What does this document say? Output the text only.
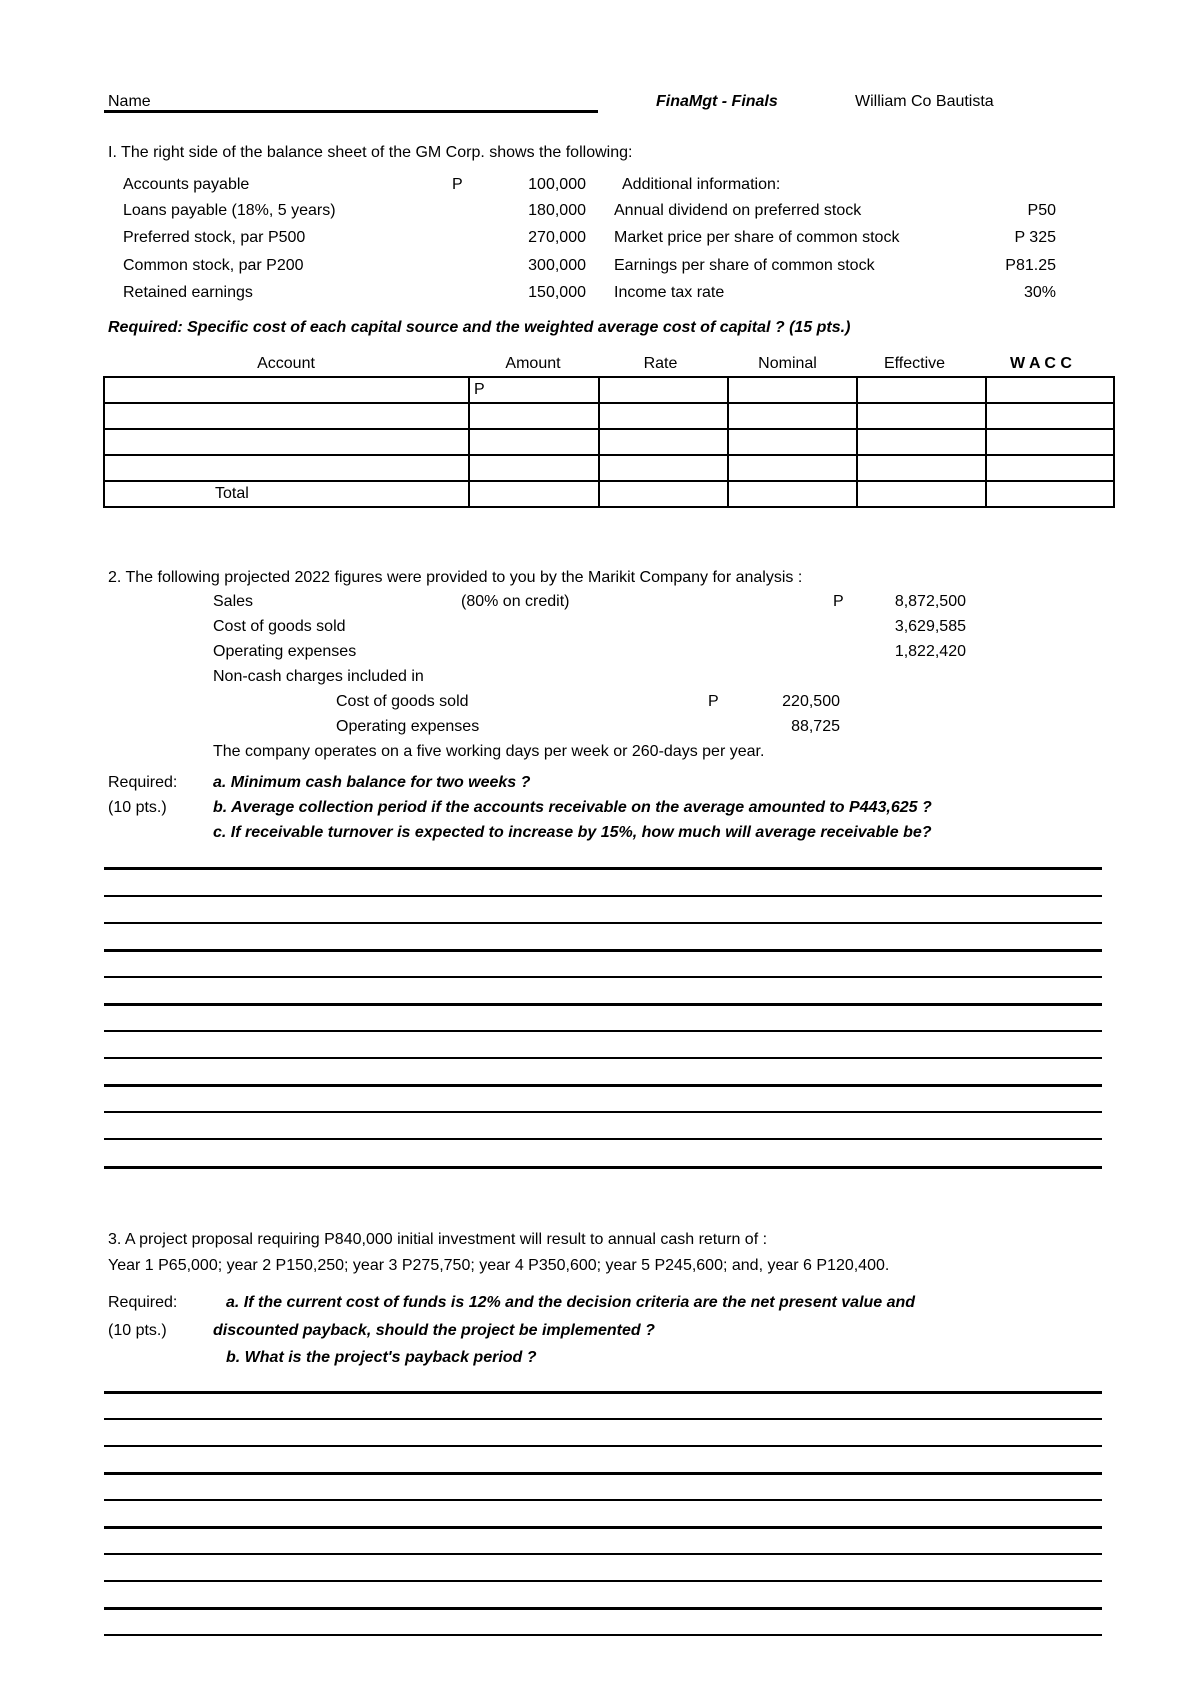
Name	FinaMgt - Finals	William Co Bautista
I. The right side of the balance sheet of the GM Corp. shows the following:
Accounts payable	P	100,000
Loans payable (18%, 5 years)	180,000
Preferred stock, par P500	270,000
Common stock, par P200	300,000
Retained earnings	150,000
Additional information:
Annual dividend on preferred stock	P50
Market price per share of common stock	P 325
Earnings per share of common stock	P81.25
Income tax rate	30%
Required: Specific cost of each capital source and the weighted average cost of capital ? (15 pts.)
Account	Amount	Rate	Nominal	Effective	W A C C
	P				

Total					
2. The following projected 2022 figures were provided to you by the Marikit Company for analysis :
Sales	(80% on credit)	P	8,872,500
Cost of goods sold	3,629,585
Operating expenses	1,822,420
Non-cash charges included in
Cost of goods sold	P	220,500
Operating expenses	88,725
The company operates on a five working days per week or 260-days per year.
Required:
(10 pts.)
a. Minimum cash balance for two weeks ?
b. Average collection period if the accounts receivable on the average amounted to P443,625 ?
c. If receivable turnover is expected to increase by 15%, how much will average receivable be?
3. A project proposal requiring P840,000 initial investment will result to annual cash return of :
Year 1 P65,000; year 2 P150,250; year 3 P275,750; year 4 P350,600; year 5 P245,600; and, year 6 P120,400.
Required:
(10 pts.)
a. If the current cost of funds is 12% and the decision criteria are the net present value and
discounted payback, should the project be implemented ?
b. What is the project's payback period ?
